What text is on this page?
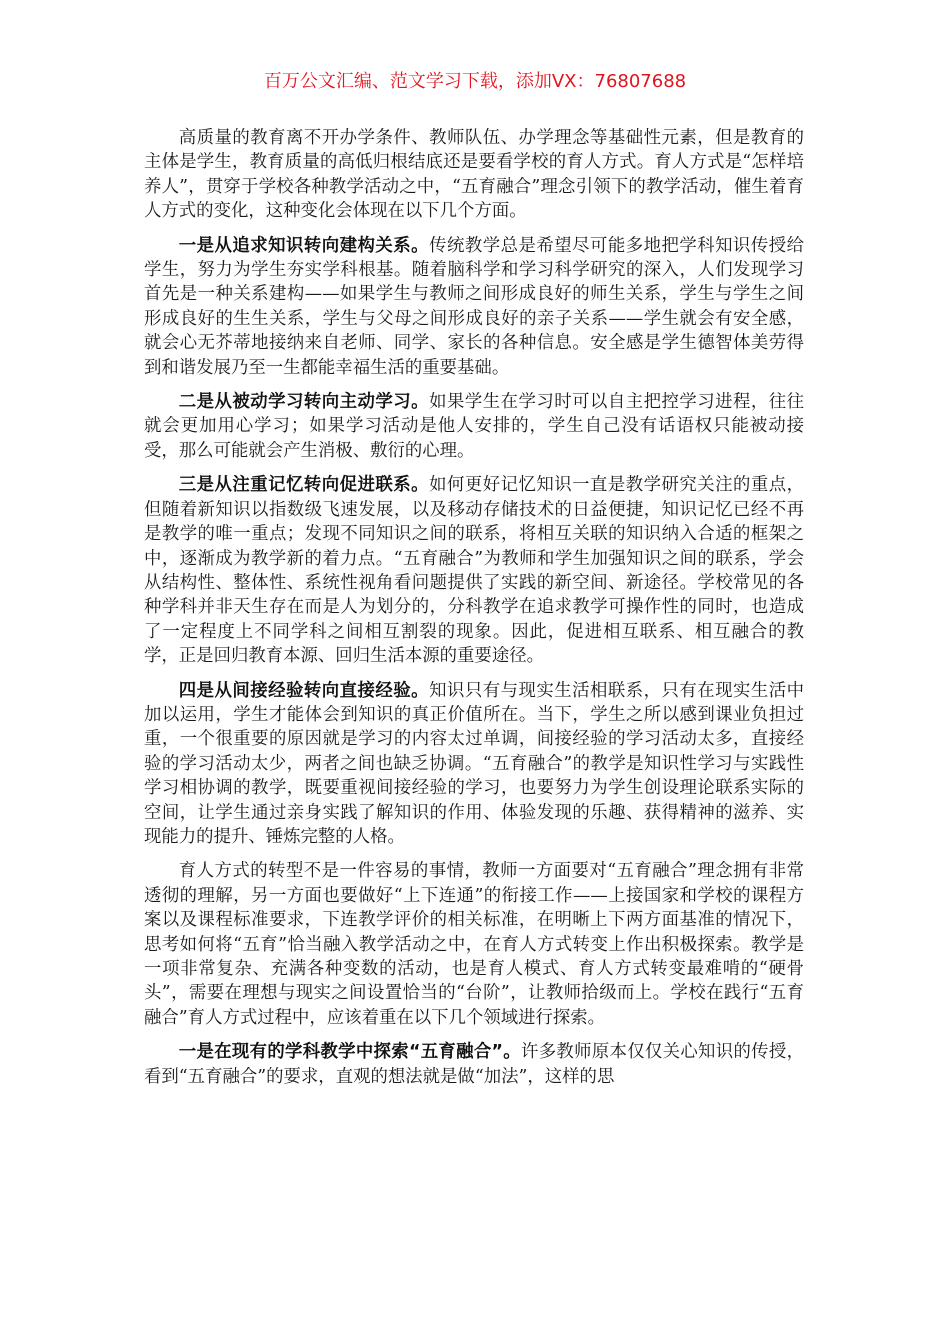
百万公文汇编、范文学习下载，添加VX：76807688

高质量的教育离不开办学条件、教师队伍、办学理念等基础性元素，但是教育的主体是学生，教育质量的高低归根结底还是要看学校的育人方式。育人方式是“怎样培养人”，贯穿于学校各种教学活动之中，“五育融合”理念引领下的教学活动，催生着育人方式的变化，这种变化会体现在以下几个方面。

一是从追求知识转向建构关系。传统教学总是希望尽可能多地把学科知识传授给学生，努力为学生夯实学科根基。随着脑科学和学习科学研究的深入，人们发现学习首先是一种关系建构——如果学生与教师之间形成良好的师生关系，学生与学生之间形成良好的生生关系，学生与父母之间形成良好的亲子关系——学生就会有安全感，就会心无芥蒂地接纳来自老师、同学、家长的各种信息。安全感是学生德智体美劳得到和谐发展乃至一生都能幸福生活的重要基础。

二是从被动学习转向主动学习。如果学生在学习时可以自主把控学习进程，往往就会更加用心学习；如果学习活动是他人安排的，学生自己没有话语权只能被动接受，那么可能就会产生消极、敷衍的心理。

三是从注重记忆转向促进联系。如何更好记忆知识一直是教学研究关注的重点，但随着新知识以指数级飞速发展，以及移动存储技术的日益便捷，知识记忆已经不再是教学的唯一重点；发现不同知识之间的联系，将相互关联的知识纳入合适的框架之中，逐渐成为教学新的着力点。“五育融合”为教师和学生加强知识之间的联系，学会从结构性、整体性、系统性视角看问题提供了实践的新空间、新途径。学校常见的各种学科并非天生存在而是人为划分的，分科教学在追求教学可操作性的同时，也造成了一定程度上不同学科之间相互割裂的现象。因此，促进相互联系、相互融合的教学，正是回归教育本源、回归生活本源的重要途径。

四是从间接经验转向直接经验。知识只有与现实生活相联系，只有在现实生活中加以运用，学生才能体会到知识的真正价值所在。当下，学生之所以感到课业负担过重，一个很重要的原因就是学习的内容太过单调，间接经验的学习活动太多，直接经验的学习活动太少，两者之间也缺乏协调。“五育融合”的教学是知识性学习与实践性学习相协调的教学，既要重视间接经验的学习，也要努力为学生创设理论联系实际的空间，让学生通过亲身实践了解知识的作用、体验发现的乐趣、获得精神的滋养、实现能力的提升、锤炼完整的人格。

育人方式的转型不是一件容易的事情，教师一方面要对“五育融合”理念拥有非常透彻的理解，另一方面也要做好“上下连通”的衔接工作——上接国家和学校的课程方案以及课程标准要求，下连教学评价的相关标准，在明晰上下两方面基准的情况下，思考如何将“五育”恰当融入教学活动之中，在育人方式转变上作出积极探索。教学是一项非常复杂、充满各种变数的活动，也是育人模式、育人方式转变最难啃的“硬骨头”，需要在理想与现实之间设置恰当的“台阶”，让教师拾级而上。学校在践行“五育融合”育人方式过程中，应该着重在以下几个领域进行探索。

一是在现有的学科教学中探索“五育融合”。许多教师原本仅仅关心知识的传授，看到“五育融合”的要求，直观的想法就是做“加法”，这样的思
